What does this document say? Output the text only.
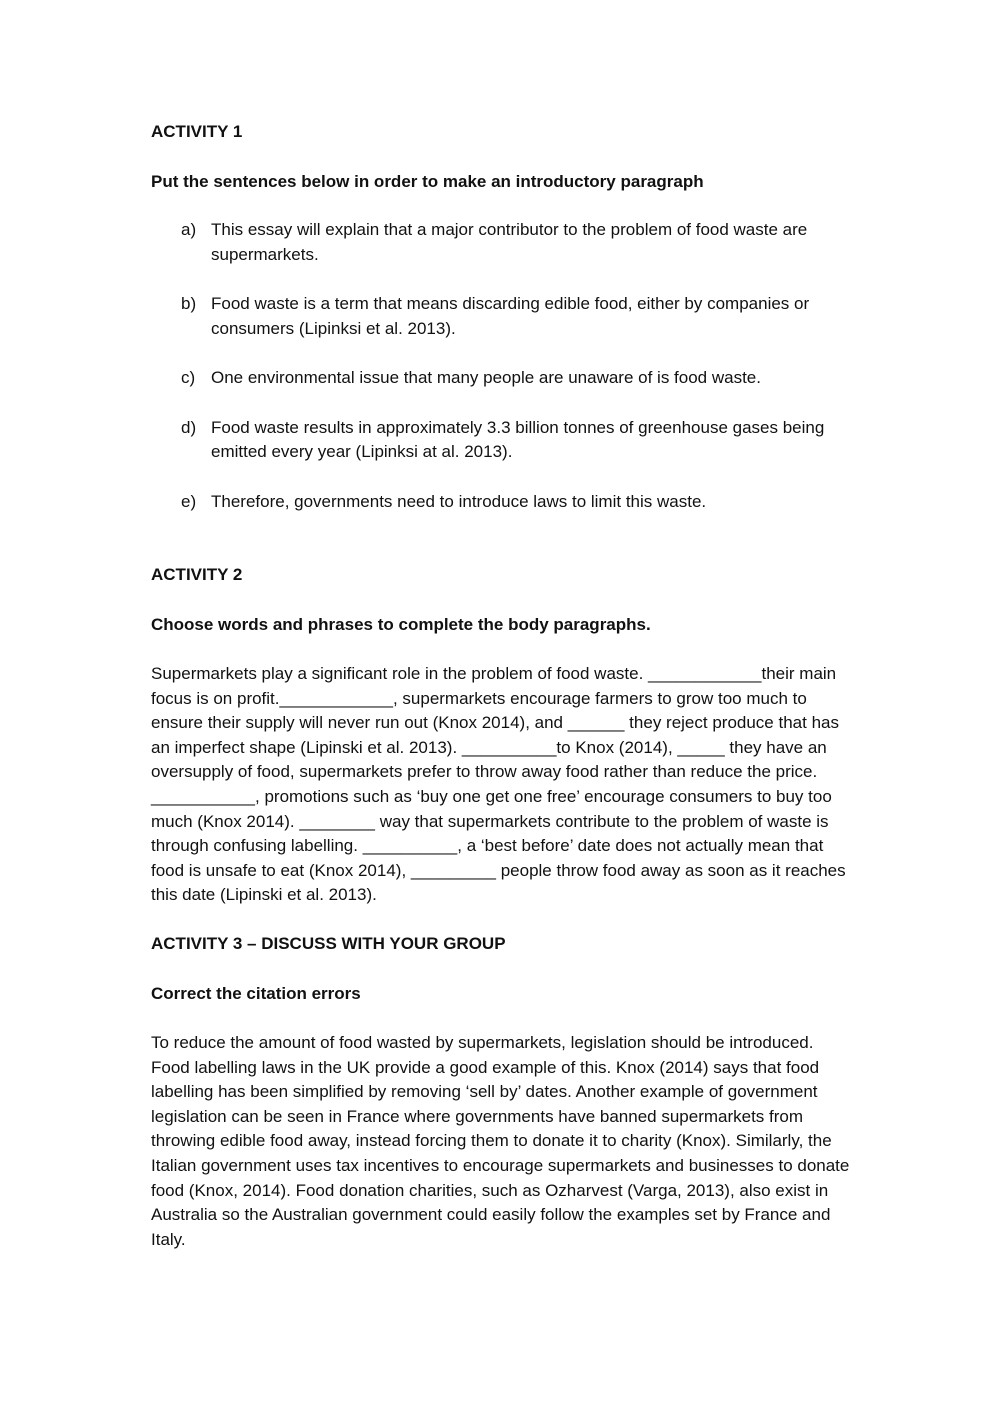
ACTIVITY 1

Put the sentences below in order to make an introductory paragraph

a) This essay will explain that a major contributor to the problem of food waste are supermarkets.
b) Food waste is a term that means discarding edible food, either by companies or consumers (Lipinksi et al. 2013).
c) One environmental issue that many people are unaware of is food waste.
d) Food waste results in approximately 3.3 billion tonnes of greenhouse gases being emitted every year (Lipinksi at al. 2013).
e) Therefore, governments need to introduce laws to limit this waste.

ACTIVITY 2

Choose words and phrases to complete the body paragraphs.

Supermarkets play a significant role in the problem of food waste. ____________their main focus is on profit.____________, supermarkets encourage farmers to grow too much to ensure their supply will never run out (Knox 2014), and ______ they reject produce that has an imperfect shape (Lipinski et al. 2013). __________to Knox (2014), _____ they have an oversupply of food, supermarkets prefer to throw away food rather than reduce the price. ___________, promotions such as ‘buy one get one free’ encourage consumers to buy too much (Knox 2014). ________ way that supermarkets contribute to the problem of waste is through confusing labelling. __________, a ‘best before’ date does not actually mean that food is unsafe to eat (Knox 2014), _________ people throw food away as soon as it reaches this date (Lipinski et al. 2013).

ACTIVITY 3 – DISCUSS WITH YOUR GROUP

Correct the citation errors

To reduce the amount of food wasted by supermarkets, legislation should be introduced. Food labelling laws in the UK provide a good example of this. Knox (2014) says that food labelling has been simplified by removing ‘sell by’ dates. Another example of government legislation can be seen in France where governments have banned supermarkets from throwing edible food away, instead forcing them to donate it to charity (Knox). Similarly, the Italian government uses tax incentives to encourage supermarkets and businesses to donate food (Knox, 2014). Food donation charities, such as Ozharvest (Varga, 2013), also exist in Australia so the Australian government could easily follow the examples set by France and Italy.
